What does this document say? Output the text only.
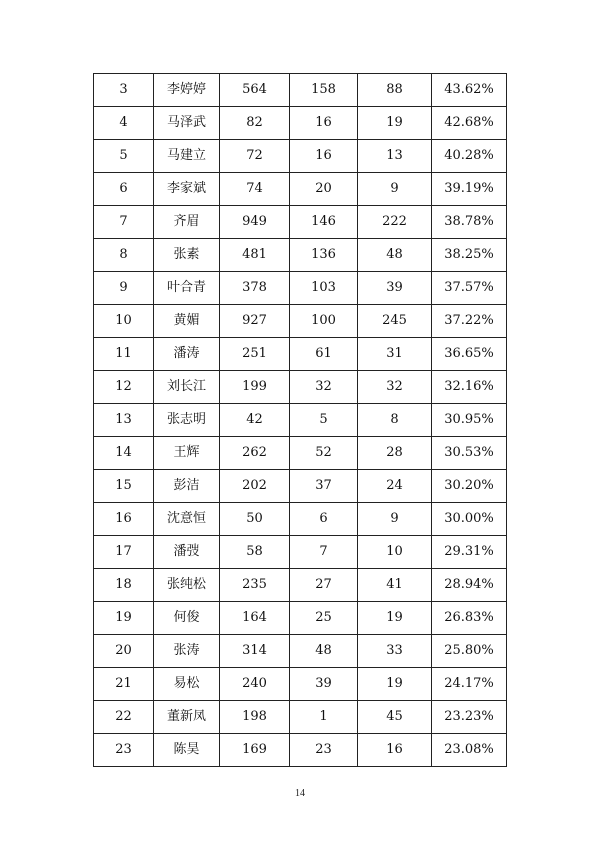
3	李婷婷	564	158	88	43.62%
4	马泽武	82	16	19	42.68%
5	马建立	72	16	13	40.28%
6	李家斌	74	20	9	39.19%
7	齐眉	949	146	222	38.78%
8	张素	481	136	48	38.25%
9	叶合青	378	103	39	37.57%
10	黄媚	927	100	245	37.22%
11	潘涛	251	61	31	36.65%
12	刘长江	199	32	32	32.16%
13	张志明	42	5	8	30.95%
14	王辉	262	52	28	30.53%
15	彭洁	202	37	24	30.20%
16	沈意恒	50	6	9	30.00%
17	潘弢	58	7	10	29.31%
18	张纯松	235	27	41	28.94%
19	何俊	164	25	19	26.83%
20	张涛	314	48	33	25.80%
21	易松	240	39	19	24.17%
22	董新凤	198	1	45	23.23%
23	陈昊	169	23	16	23.08%
14
